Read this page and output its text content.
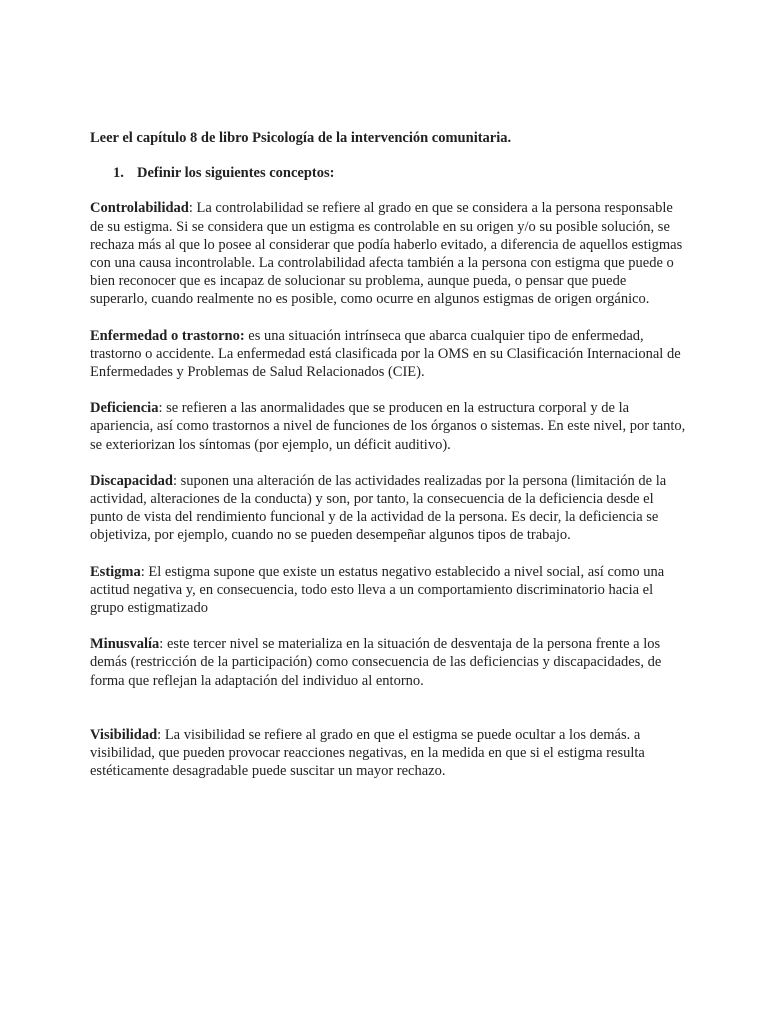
Leer el capítulo 8 de libro Psicología de la intervención comunitaria.

1. Definir los siguientes conceptos:

Controlabilidad: La controlabilidad se refiere al grado en que se considera a la persona responsable de su estigma. Si se considera que un estigma es controlable en su origen y/o su posible solución, se rechaza más al que lo posee al considerar que podía haberlo evitado, a diferencia de aquellos estigmas con una causa incontrolable. La controlabilidad afecta también a la persona con estigma que puede o bien reconocer que es incapaz de solucionar su problema, aunque pueda, o pensar que puede superarlo, cuando realmente no es posible, como ocurre en algunos estigmas de origen orgánico.

Enfermedad o trastorno: es una situación intrínseca que abarca cualquier tipo de enfermedad, trastorno o accidente. La enfermedad está clasificada por la OMS en su Clasificación Internacional de Enfermedades y Problemas de Salud Relacionados (CIE).

Deficiencia: se refieren a las anormalidades que se producen en la estructura corporal y de la apariencia, así como trastornos a nivel de funciones de los órganos o sistemas. En este nivel, por tanto, se exteriorizan los síntomas (por ejemplo, un déficit auditivo).

Discapacidad: suponen una alteración de las actividades realizadas por la persona (limitación de la actividad, alteraciones de la conducta) y son, por tanto, la consecuencia de la deficiencia desde el punto de vista del rendimiento funcional y de la actividad de la persona. Es decir, la deficiencia se objetiviza, por ejemplo, cuando no se pueden desempeñar algunos tipos de trabajo.

Estigma: El estigma supone que existe un estatus negativo establecido a nivel social, así como una actitud negativa y, en consecuencia, todo esto lleva a un comportamiento discriminatorio hacia el grupo estigmatizado

Minusvalía: este tercer nivel se materializa en la situación de desventaja de la persona frente a los demás (restricción de la participación) como consecuencia de las deficiencias y discapacidades, de forma que reflejan la adaptación del individuo al entorno.

Visibilidad: La visibilidad se refiere al grado en que el estigma se puede ocultar a los demás. a visibilidad, que pueden provocar reacciones negativas, en la medida en que si el estigma resulta estéticamente desagradable puede suscitar un mayor rechazo.
